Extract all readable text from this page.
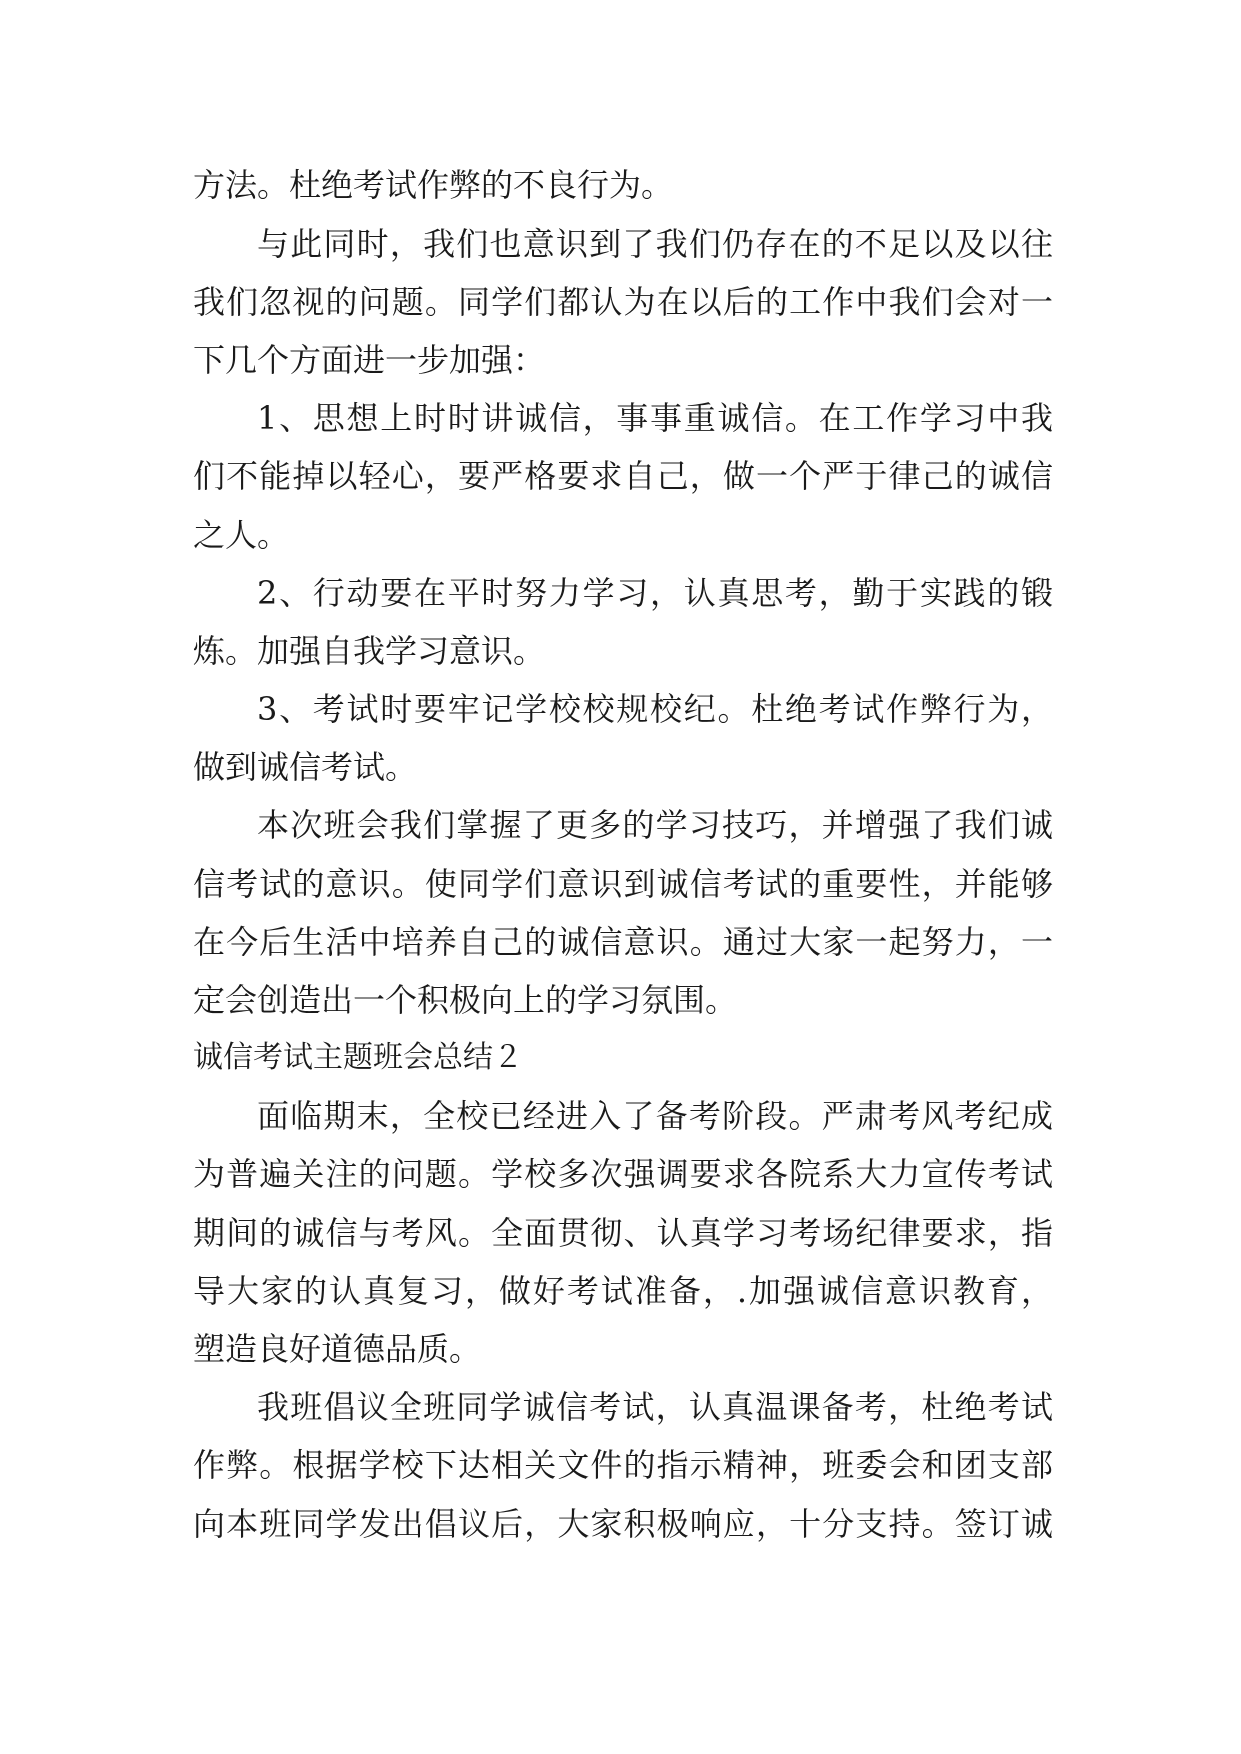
方法。杜绝考试作弊的不良行为。
与此同时，我们也意识到了我们仍存在的不足以及以往
我们忽视的问题。同学们都认为在以后的工作中我们会对一
下几个方面进一步加强：
1、思想上时时讲诚信，事事重诚信。在工作学习中我
们不能掉以轻心，要严格要求自己，做一个严于律己的诚信
之人。
2、行动要在平时努力学习，认真思考，勤于实践的锻
炼。加强自我学习意识。
3、考试时要牢记学校校规校纪。杜绝考试作弊行为，
做到诚信考试。
本次班会我们掌握了更多的学习技巧，并增强了我们诚
信考试的意识。使同学们意识到诚信考试的重要性，并能够
在今后生活中培养自己的诚信意识。通过大家一起努力，一
定会创造出一个积极向上的学习氛围。
诚信考试主题班会总结２
面临期末，全校已经进入了备考阶段。严肃考风考纪成
为普遍关注的问题。学校多次强调要求各院系大力宣传考试
期间的诚信与考风。全面贯彻、认真学习考场纪律要求，指
导大家的认真复习，做好考试准备，.加强诚信意识教育，
塑造良好道德品质。
我班倡议全班同学诚信考试，认真温课备考，杜绝考试
作弊。根据学校下达相关文件的指示精神，班委会和团支部
向本班同学发出倡议后，大家积极响应，十分支持。签订诚
